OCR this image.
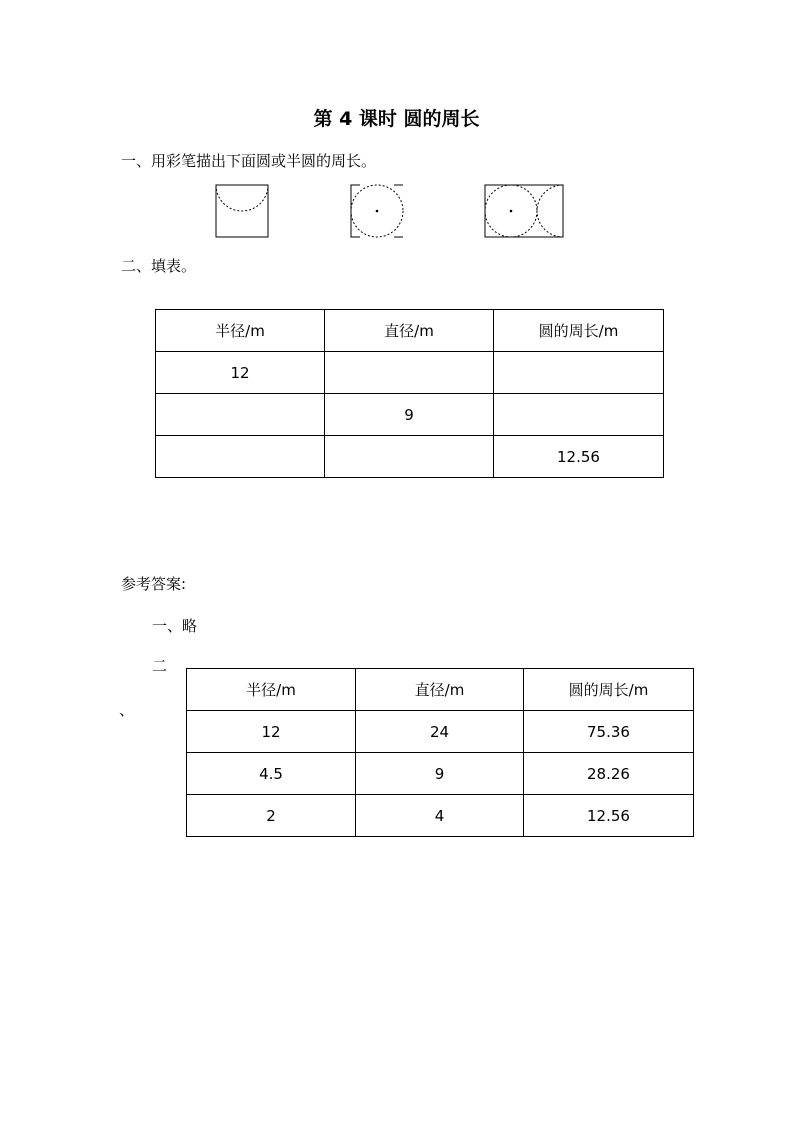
第 4 课时 圆的周长
一、用彩笔描出下面圆或半圆的周长。
二、填表。
半径/m	直径/m	圆的周长/m
12		
	9	
		12.56
参考答案:
一、略
二
、
半径/m	直径/m	圆的周长/m
12	24	75.36
4.5	9	28.26
2	4	12.56
